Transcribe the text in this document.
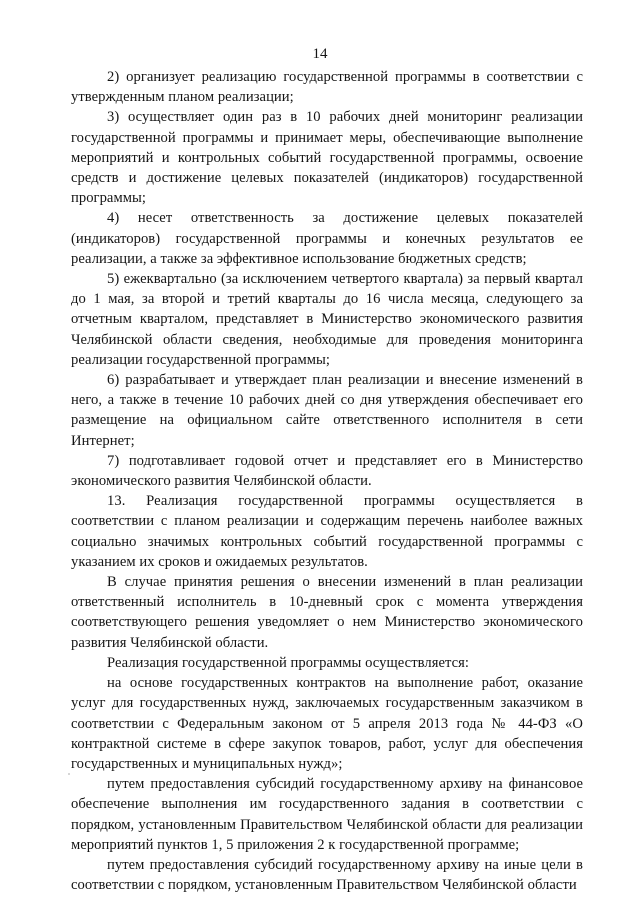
14

2) организует реализацию государственной программы в соответствии с утвержденным планом реализации;

3) осуществляет один раз в 10 рабочих дней мониторинг реализации государственной программы и принимает меры, обеспечивающие выполнение мероприятий и контрольных событий государственной программы, освоение средств и достижение целевых показателей (индикаторов) государственной программы;

4) несет ответственность за достижение целевых показателей (индикаторов) государственной программы и конечных результатов ее реализации, а также за эффективное использование бюджетных средств;

5) ежеквартально (за исключением четвертого квартала) за первый квартал до 1 мая, за второй и третий кварталы до 16 числа месяца, следующего за отчетным кварталом, представляет в Министерство экономического развития Челябинской области сведения, необходимые для проведения мониторинга реализации государственной программы;

6) разрабатывает и утверждает план реализации и внесение изменений в него, а также в течение 10 рабочих дней со дня утверждения обеспечивает его размещение на официальном сайте ответственного исполнителя в сети Интернет;

7) подготавливает годовой отчет и представляет его в Министерство экономического развития Челябинской области.

13. Реализация государственной программы осуществляется в соответствии с планом реализации и содержащим перечень наиболее важных социально значимых контрольных событий государственной программы с указанием их сроков и ожидаемых результатов.

В случае принятия решения о внесении изменений в план реализации ответственный исполнитель в 10-дневный срок с момента утверждения соответствующего решения уведомляет о нем Министерство экономического развития Челябинской области.

Реализация государственной программы осуществляется:

на основе государственных контрактов на выполнение работ, оказание услуг для государственных нужд, заключаемых государственным заказчиком в соответствии с Федеральным законом от 5 апреля 2013 года № 44-ФЗ «О контрактной системе в сфере закупок товаров, работ, услуг для обеспечения государственных и муниципальных нужд»;

путем предоставления субсидий государственному архиву на финансовое обеспечение выполнения им государственного задания в соответствии с порядком, установленным Правительством Челябинской области для реализации мероприятий пунктов 1, 5 приложения 2 к государственной программе;

путем предоставления субсидий государственному архиву на иные цели в соответствии с порядком, установленным Правительством Челябинской области
